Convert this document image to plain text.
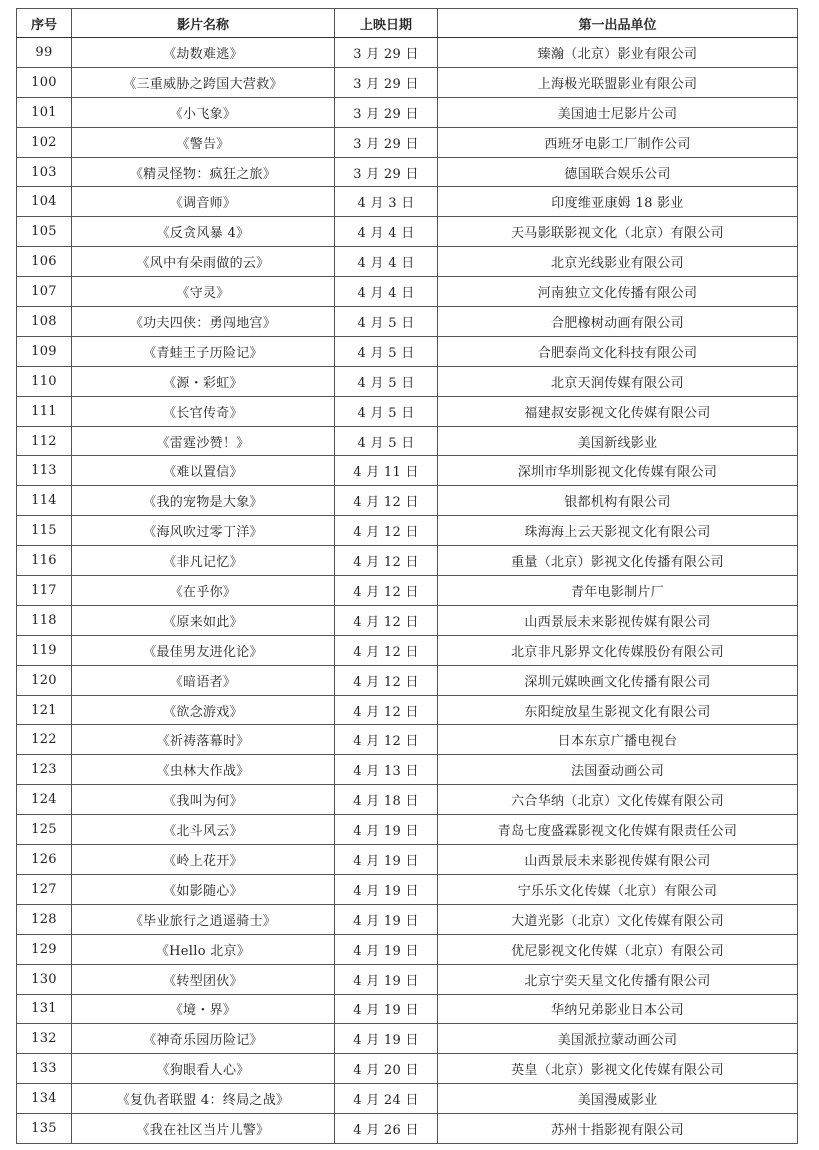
序号	影片名称	上映日期	第一出品单位
99	《劫数难逃》	3 月 29 日	臻瀚（北京）影业有限公司
100	《三重威胁之跨国大营救》	3 月 29 日	上海极光联盟影业有限公司
101	《小飞象》	3 月 29 日	美国迪士尼影片公司
102	《警告》	3 月 29 日	西班牙电影工厂制作公司
103	《精灵怪物：疯狂之旅》	3 月 29 日	德国联合娱乐公司
104	《调音师》	4 月 3 日	印度维亚康姆 18 影业
105	《反贪风暴 4》	4 月 4 日	天马影联影视文化（北京）有限公司
106	《风中有朵雨做的云》	4 月 4 日	北京光线影业有限公司
107	《守灵》	4 月 4 日	河南独立文化传播有限公司
108	《功夫四侠：勇闯地宫》	4 月 5 日	合肥橡树动画有限公司
109	《青蛙王子历险记》	4 月 5 日	合肥泰尚文化科技有限公司
110	《源・彩虹》	4 月 5 日	北京天润传媒有限公司
111	《长官传奇》	4 月 5 日	福建叔安影视文化传媒有限公司
112	《雷霆沙赞！》	4 月 5 日	美国新线影业
113	《难以置信》	4 月 11 日	深圳市华圳影视文化传媒有限公司
114	《我的宠物是大象》	4 月 12 日	银都机构有限公司
115	《海风吹过零丁洋》	4 月 12 日	珠海海上云天影视文化有限公司
116	《非凡记忆》	4 月 12 日	重量（北京）影视文化传播有限公司
117	《在乎你》	4 月 12 日	青年电影制片厂
118	《原来如此》	4 月 12 日	山西景辰未来影视传媒有限公司
119	《最佳男友进化论》	4 月 12 日	北京非凡影界文化传媒股份有限公司
120	《暗语者》	4 月 12 日	深圳元媒映画文化传播有限公司
121	《欲念游戏》	4 月 12 日	东阳绽放星生影视文化有限公司
122	《祈祷落幕时》	4 月 12 日	日本东京广播电视台
123	《虫林大作战》	4 月 13 日	法国蚕动画公司
124	《我叫为何》	4 月 18 日	六合华纳（北京）文化传媒有限公司
125	《北斗风云》	4 月 19 日	青岛七度盛霖影视文化传媒有限责任公司
126	《岭上花开》	4 月 19 日	山西景辰未来影视传媒有限公司
127	《如影随心》	4 月 19 日	宁乐乐文化传媒（北京）有限公司
128	《毕业旅行之逍遥骑士》	4 月 19 日	大道光影（北京）文化传媒有限公司
129	《Hello 北京》	4 月 19 日	优尼影视文化传媒（北京）有限公司
130	《转型团伙》	4 月 19 日	北京宁奕天星文化传播有限公司
131	《境・界》	4 月 19 日	华纳兄弟影业日本公司
132	《神奇乐园历险记》	4 月 19 日	美国派拉蒙动画公司
133	《狗眼看人心》	4 月 20 日	英皇（北京）影视文化传媒有限公司
134	《复仇者联盟 4：终局之战》	4 月 24 日	美国漫威影业
135	《我在社区当片儿警》	4 月 26 日	苏州十指影视有限公司
